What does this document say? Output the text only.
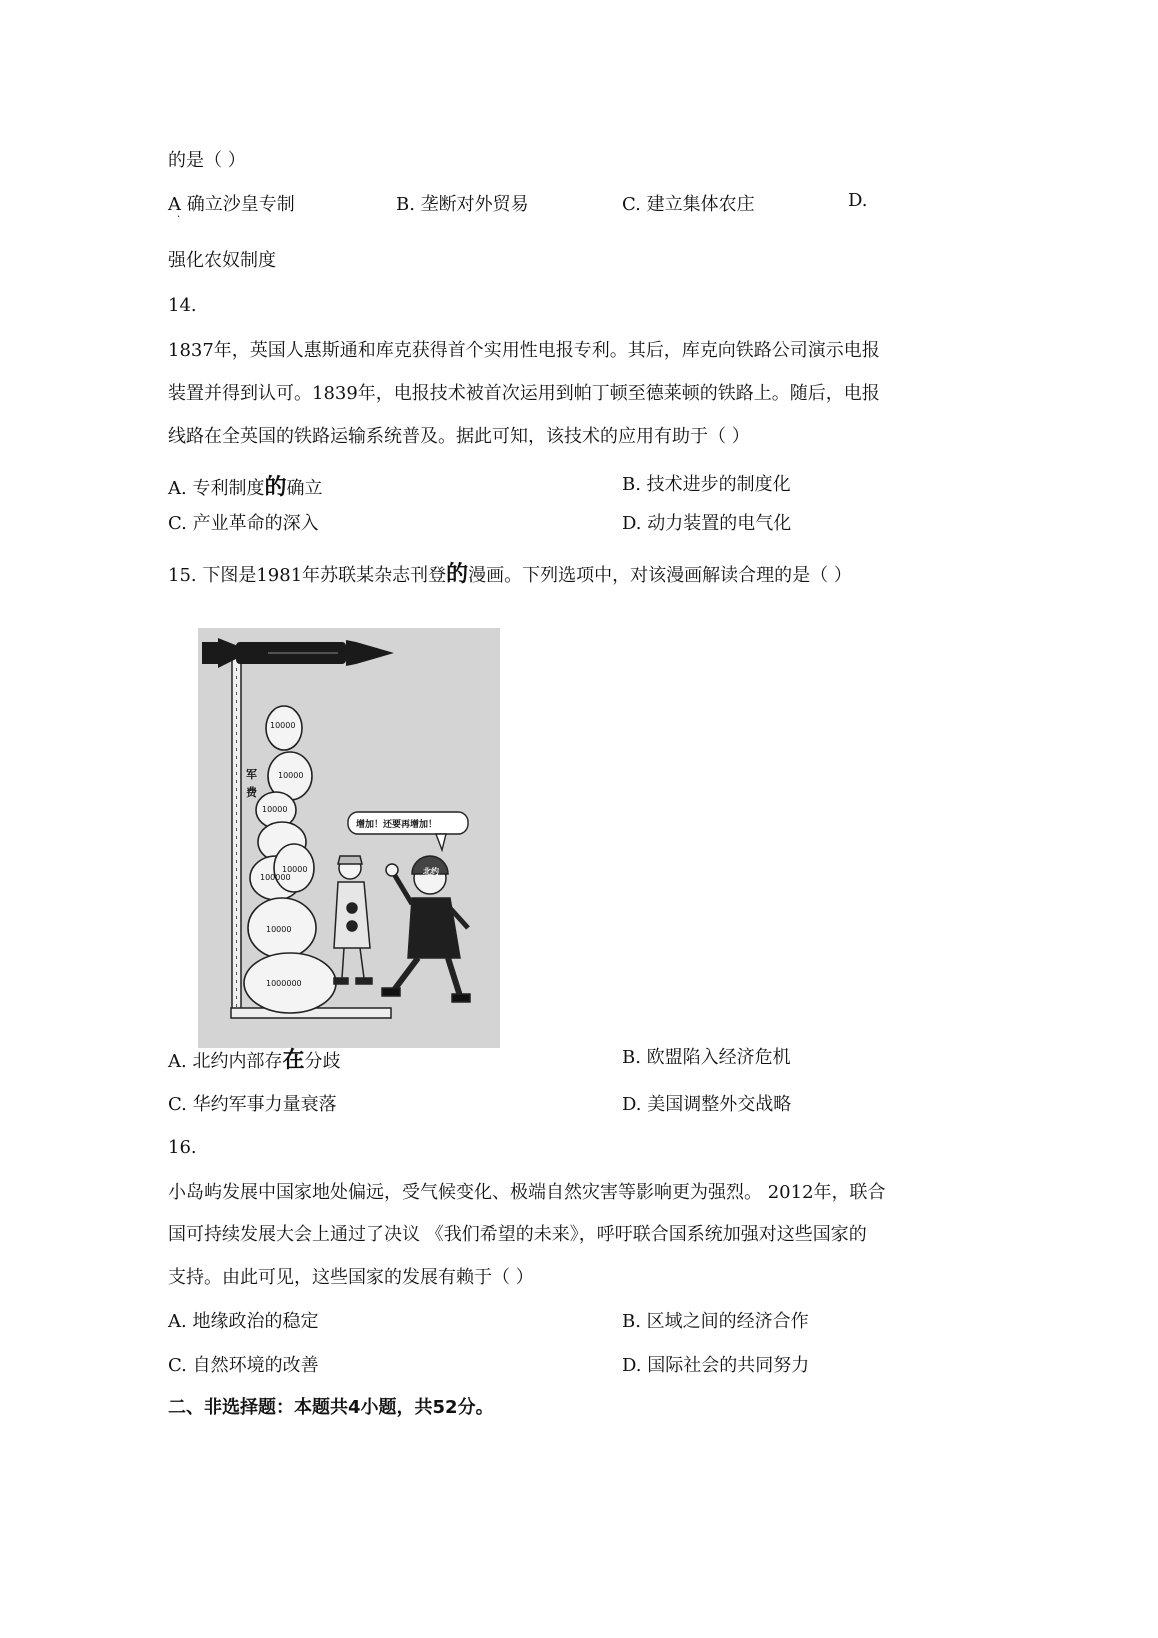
的是（ ）
A 确立沙皇专制
·
B. 垄断对外贸易	C. 建立集体农庄	D.
强化农奴制度
14.
1837年，英国人惠斯通和库克获得首个实用性电报专利。其后，库克向铁路公司演示电报
装置并得到认可。1839年，电报技术被首次运用到帕丁顿至德莱顿的铁路上。随后，电报
线路在全英国的铁路运输系统普及。据此可知，该技术的应用有助于（ ）
A. 专利制度的确立	B. 技术进步的制度化
C. 产业革命的深入	D. 动力装置的电气化
15. 下图是1981年苏联某杂志刊登的漫画。下列选项中，对该漫画解读合理的是（ ）
军
费
10000
10000
10000
100000
10000
10000
1000000
增加！还要再增加！
北约
A. 北约内部存在分歧	B. 欧盟陷入经济危机
C. 华约军事力量衰落	D. 美国调整外交战略
16.
小岛屿发展中国家地处偏远，受气候变化、极端自然灾害等影响更为强烈。 2012年，联合
国可持续发展大会上通过了决议 《我们希望的未来》，呼吁联合国系统加强对这些国家的
支持。由此可见，这些国家的发展有赖于（ ）
A. 地缘政治的稳定	B. 区域之间的经济合作
C. 自然环境的改善	D. 国际社会的共同努力
二、非选择题：本题共4小题，共52分。
